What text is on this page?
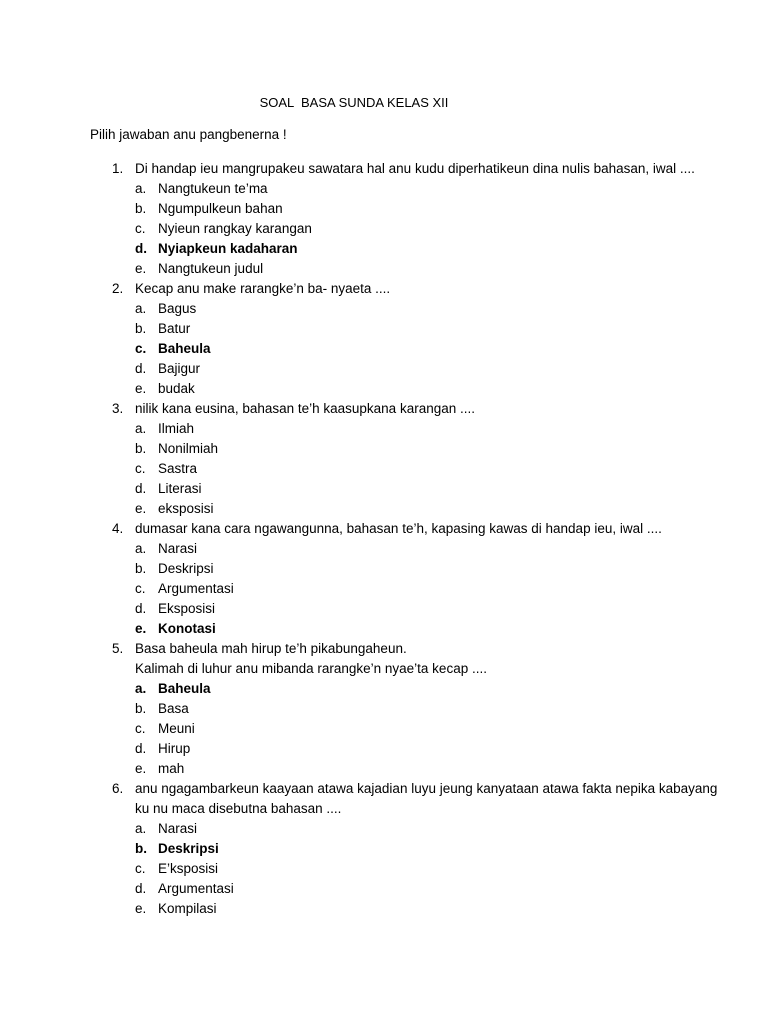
SOAL  BASA SUNDA KELAS XII
Pilih jawaban anu pangbenerna !
1. Di handap ieu mangrupakeu sawatara hal anu kudu diperhatikeun dina nulis bahasan, iwal ....
a. Nangtukeun te’ma
b. Ngumpulkeun bahan
c. Nyieun rangkay karangan
d. Nyiapkeun kadaharan
e. Nangtukeun judul
2. Kecap anu make rarangke’n ba- nyaeta ....
a. Bagus
b. Batur
c. Baheula
d. Bajigur
e. budak
3. nilik kana eusina, bahasan te’h kaasupkana karangan ....
a. Ilmiah
b. Nonilmiah
c. Sastra
d. Literasi
e. eksposisi
4. dumasar kana cara ngawangunna, bahasan te’h, kapasing kawas di handap ieu, iwal ....
a. Narasi
b. Deskripsi
c. Argumentasi
d. Eksposisi
e. Konotasi
5. Basa baheula mah hirup te’h pikabungaheun.
Kalimah di luhur anu mibanda rarangke’n nyae’ta kecap ....
a. Baheula
b. Basa
c. Meuni
d. Hirup
e. mah
6. anu ngagambarkeun kaayaan atawa kajadian luyu jeung kanyataan atawa fakta nepika kabayang
ku nu maca disebutna bahasan ....
a. Narasi
b. Deskripsi
c. E’ksposisi
d. Argumentasi
e. Kompilasi
